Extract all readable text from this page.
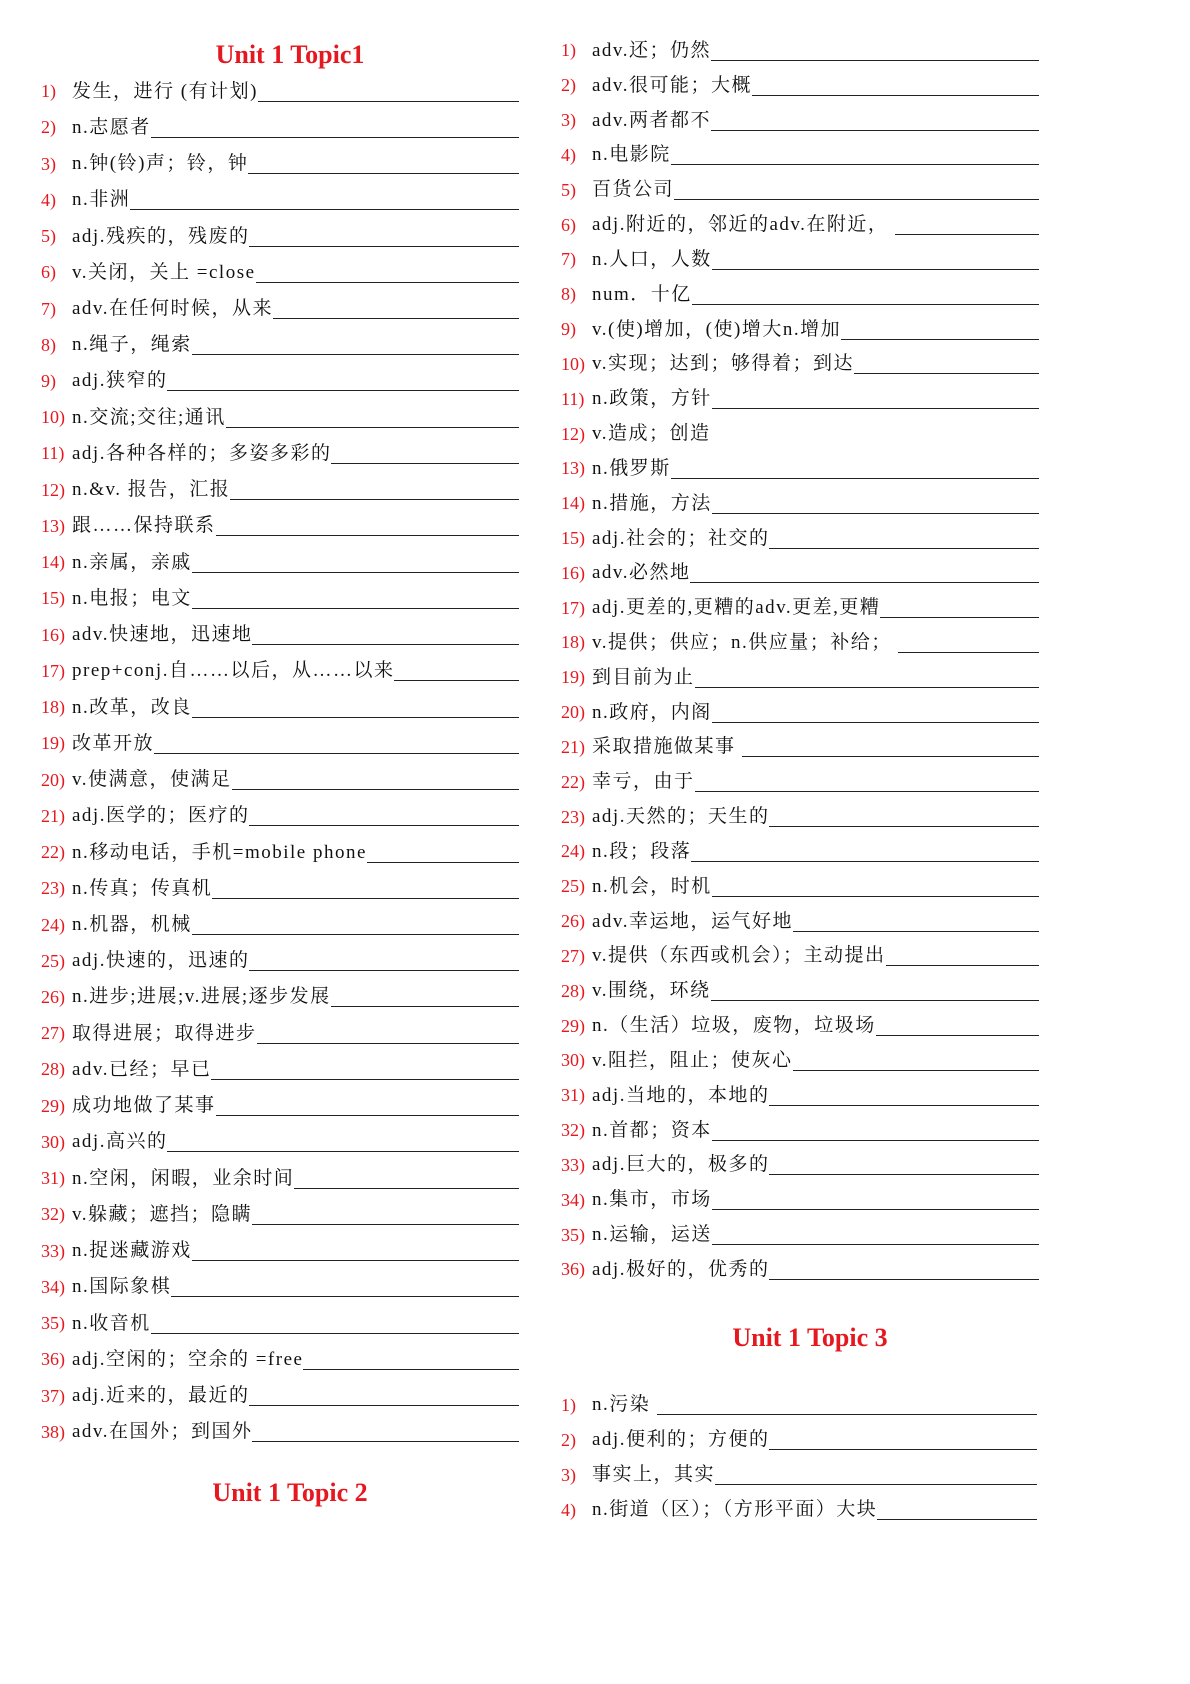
Unit 1 Topic1
1) 发生，进行 (有计划)
2) n.志愿者
3) n.钟(铃)声；铃，钟
4) n.非洲
5) adj.残疾的，残废的
6) v.关闭，关上 =close
7) adv.在任何时候，从来
8) n.绳子，绳索
9) adj.狭窄的
10) n.交流;交往;通讯
11) adj.各种各样的；多姿多彩的
12) n.&v. 报告，汇报
13) 跟……保持联系
14) n.亲属，亲戚
15) n.电报；电文
16) adv.快速地，迅速地
17) prep+conj.自……以后，从……以来
18) n.改革，改良
19) 改革开放
20) v.使满意，使满足
21) adj.医学的；医疗的
22) n.移动电话，手机=mobile phone
23) n.传真；传真机
24) n.机器，机械
25) adj.快速的，迅速的
26) n.进步;进展;v.进展;逐步发展
27) 取得进展；取得进步
28) adv.已经；早已
29) 成功地做了某事
30) adj.高兴的
31) n.空闲，闲暇，业余时间
32) v.躲藏；遮挡；隐瞒
33) n.捉迷藏游戏
34) n.国际象棋
35) n.收音机
36) adj.空闲的；空余的 =free
37) adj.近来的，最近的
38) adv.在国外；到国外
Unit 1 Topic 2
1) adv.还；仍然
2) adv.很可能；大概
3) adv.两者都不
4) n.电影院
5) 百货公司
6) adj.附近的，邻近的adv.在附近，
7) n.人口，人数
8) num．十亿
9) v.(使)增加，(使)增大n.增加
10) v.实现；达到；够得着；到达
11) n.政策，方针
12) v.造成；创造
13) n.俄罗斯
14) n.措施，方法
15) adj.社会的；社交的
16) adv.必然地
17) adj.更差的,更糟的adv.更差,更糟
18) v.提供；供应；n.供应量；补给；
19) 到目前为止
20) n.政府，内阁
21) 采取措施做某事
22) 幸亏，由于
23) adj.天然的；天生的
24) n.段；段落
25) n.机会，时机
26) adv.幸运地，运气好地
27) v.提供（东西或机会）；主动提出
28) v.围绕，环绕
29) n.（生活）垃圾，废物，垃圾场
30) v.阻拦，阻止；使灰心
31) adj.当地的，本地的
32) n.首都；资本
33) adj.巨大的，极多的
34) n.集市，市场
35) n.运输，运送
36) adj.极好的，优秀的
Unit 1 Topic 3
1) n.污染
2) adj.便利的；方便的
3) 事实上，其实
4) n.街道（区）；（方形平面）大块
